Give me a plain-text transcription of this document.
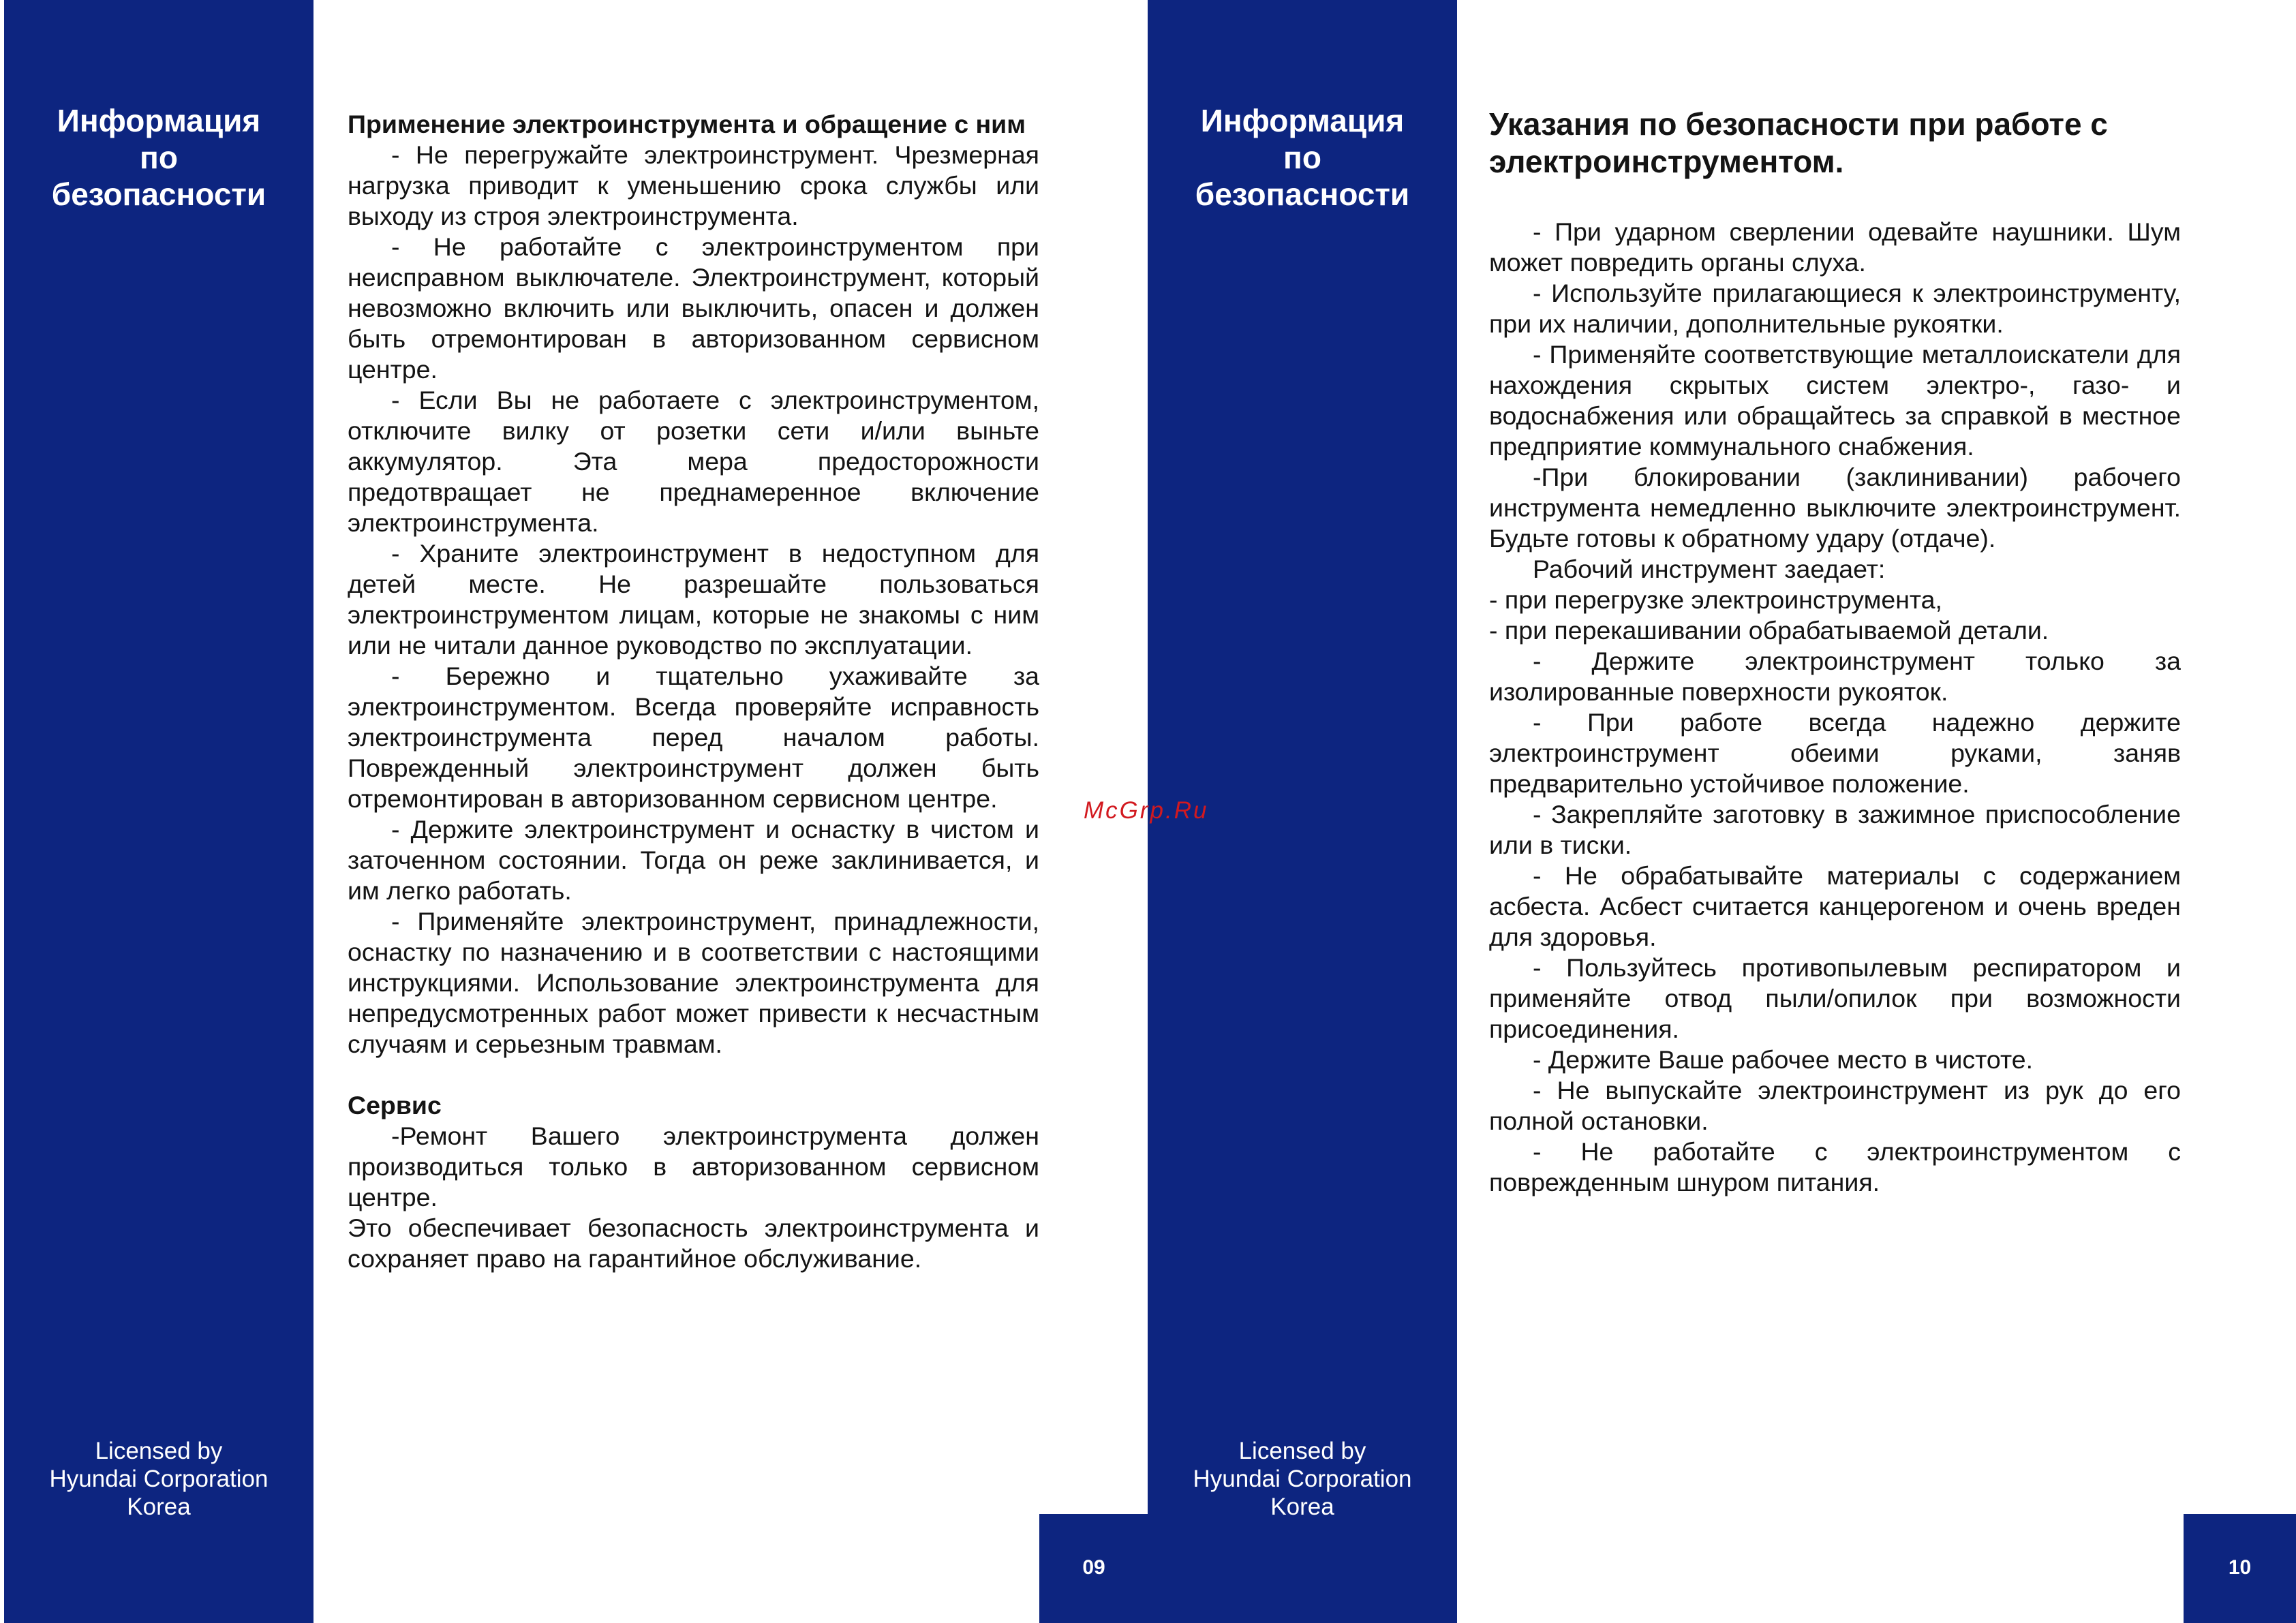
Информация
по
безопасности
Licensed by
Hyundai Corporation
Korea
09

Применение электроинструмента и обращение с ним

- Не перегружайте электроинструмент. Чрезмерная нагрузка приводит к уменьшению срока службы или выходу из строя электроинструмента.

- Не работайте с электроинструментом при неисправном выключателе. Электроинструмент, который невозможно включить или выключить, опасен и должен быть отремонтирован в авторизованном сервисном центре.

- Если Вы не работаете с электроинструментом, отключите вилку от розетки сети и/или выньте аккумулятор. Эта мера предосторожности предотвращает не преднамеренное включение электроинструмента.

- Храните электроинструмент в недоступном для детей месте. Не разрешайте пользоваться электроинструментом лицам, которые не знакомы с ним или не читали данное руководство по эксплуатации.

- Бережно и тщательно ухаживайте за электроинструментом. Всегда проверяйте исправность электроинструмента перед началом работы. Поврежденный электроинструмент должен быть отремонтирован в авторизованном сервисном центре.

- Держите электроинструмент и оснастку в чистом и заточенном состоянии. Тогда он реже заклинивается, и им легко работать.

- Применяйте электроинструмент, принадлежности, оснастку по назначению и в соответствии с настоящими инструкциями. Использование электроинструмента для непредусмотренных работ может привести к несчастным случаям и серьезным травмам.

Сервис

-Ремонт Вашего электроинструмента должен производиться только в авторизованном сервисном центре.

Это обеспечивает безопасность электроинструмента и сохраняет право на гарантийное обслуживание.

McGrp.Ru
Информация
по
безопасности
Licensed by
Hyundai Corporation
Korea
10
Указания по безопасности при работе с
электроинструментом.

- При ударном сверлении одевайте наушники. Шум может повредить органы слуха.

- Используйте прилагающиеся к электроинструменту, при их наличии, дополнительные рукоятки.

- Применяйте соответствующие металлоискатели для нахождения скрытых систем электро-, газо- и водоснабжения или обращайтесь за справкой в местное предприятие коммунального снабжения.

-При блокировании (заклинивании) рабочего инструмента немедленно выключите электроинструмент. Будьте готовы к обратному удару (отдаче).

Рабочий инструмент заедает:

- при перегрузке электроинструмента,

- при перекашивании обрабатываемой детали.

- Держите электроинструмент только за изолированные поверхности рукояток.

- При работе всегда надежно держите электроинструмент обеими руками, заняв предварительно устойчивое положение.

- Закрепляйте заготовку в зажимное приспособление или в тиски.

- Не обрабатывайте материалы с содержанием асбеста. Асбест считается канцерогеном и очень вреден для здоровья.

- Пользуйтесь противопылевым респиратором и применяйте отвод пыли/опилок при возможности присоединения.

- Держите Ваше рабочее место в чистоте.

- Не выпускайте электроинструмент из рук до его полной остановки.

- Не работайте с электроинструментом с поврежденным шнуром питания.
